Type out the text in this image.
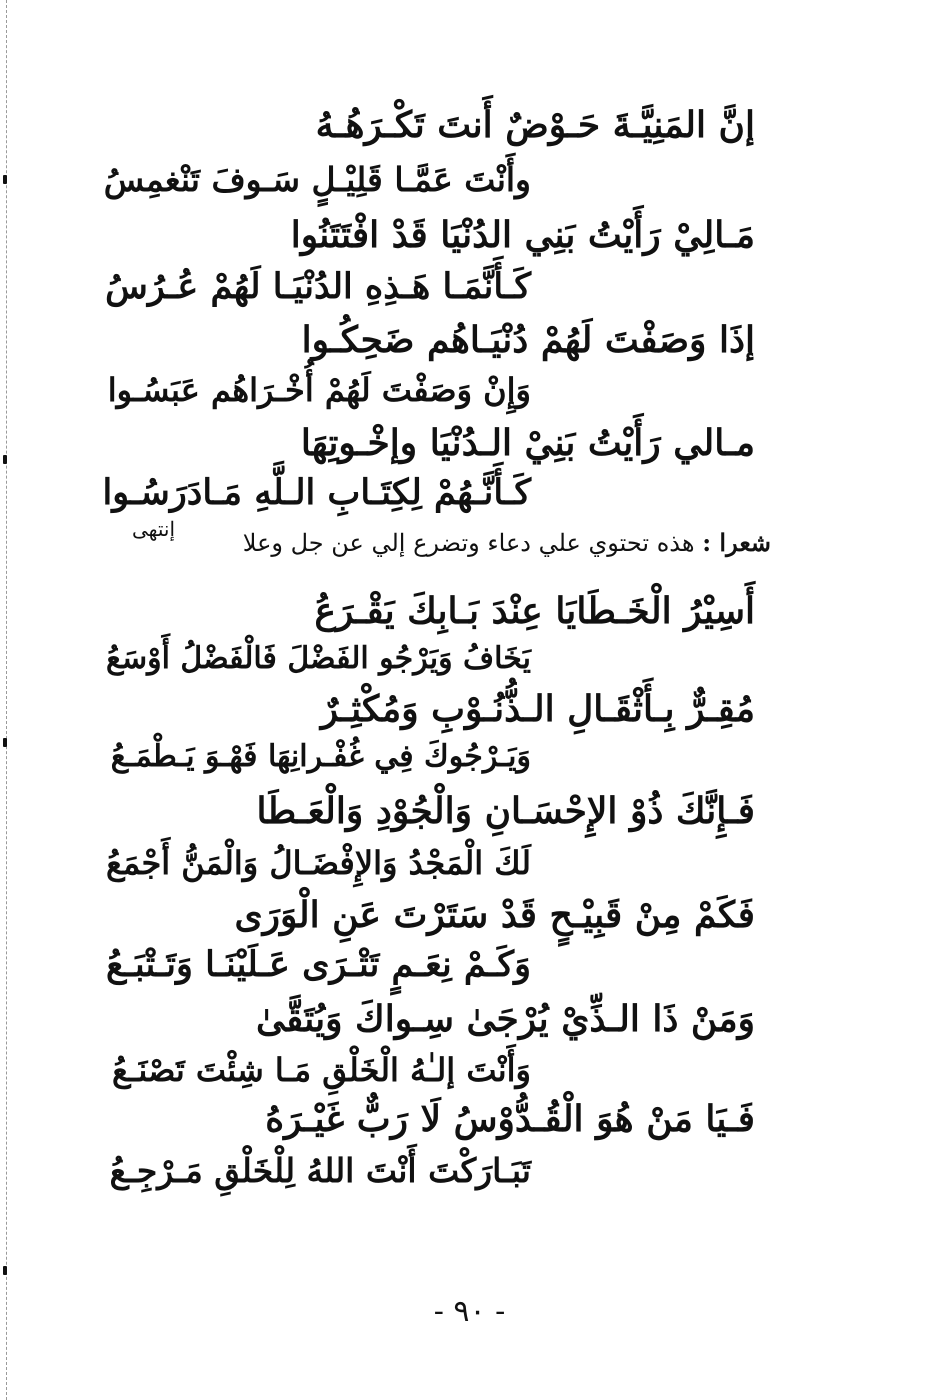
إنَّ المَنِيَّـةَ حَـوْضٌ أَنتَ تَكْـرَهُـهُ
وأَنْتَ عَمَّـا قَلِيْـلٍ سَـوفَ تَنْغمِسُ
مَـالِيْ رَأَيْتُ بَنِي الدُنْيَا قَدْ افْتَتَنُوا
كَـأَنَّمَـا هَـذِهِ الدُنْيَـا لَهُمْ عُـرُسُ
إذَا وَصَفْتَ لَهُمْ دُنْيَـاهُم ضَحِكُـوا
وَإِنْ وَصَفْتَ لَهُمْ أُخْـرَاهُم عَبَسُـوا
مـالي رَأَيْتُ بَنِيْ الـدُنْيَا وإخْـوتِهَا
كَـأَنَّـهُمْ لِكِتَـابِ الـلَّهِ مَـادَرَسُـوا
شعرا : هذه تحتوي علي دعاء وتضرع إلي عن جل وعلا
إنتهى
أَسِيْرُ الْخَـطَايَا عِنْدَ بَـابِكَ يَقْـرَعُ
يَخَافُ وَيَرْجُو الفَضْلَ فَالْفَضْلُ أَوْسَعُ
مُقِـرٌّ بِـأَثْقَـالِ الـذُّنُـوْبِ وَمُكْثِـرٌ
وَيَـرْجُوكَ فِي غُفْـرانِهَا فَهْـوَ يَـطْمَـعُ
فَـإِنَّكَ ذُوْ الإِحْسَـانِ وَالْجُوْدِ وَالْعَـطَا
لَكَ الْمَجْدُ وَالإِفْضَـالُ وَالْمَنُّ أَجْمَعُ
فَكَمْ مِنْ قَبِيْـحٍ قَدْ سَتَرْتَ عَنِ الْوَرَى
وَكَـمْ نِعَـمٍ تَتْـرَى عَـلَيْنَـا وَتَـتْبَـعُ
وَمَنْ ذَا الـذِّيْ يُرْجَىٰ سِـواكَ وَيُتَقَّىٰ
وَأَنْتَ إلـٰهُ الْخَلْقِ مَـا شِئْتَ تَصْنَـعُ
فَـيَا مَنْ هُوَ الْقُـدُّوْسُ لَا رَبٌّ غَيْـرَهُ
تَبَـارَكْتَ أَنْتَ اللهُ لِلْخَلْقِ مَـرْجِـعُ
- ٩٠ -
